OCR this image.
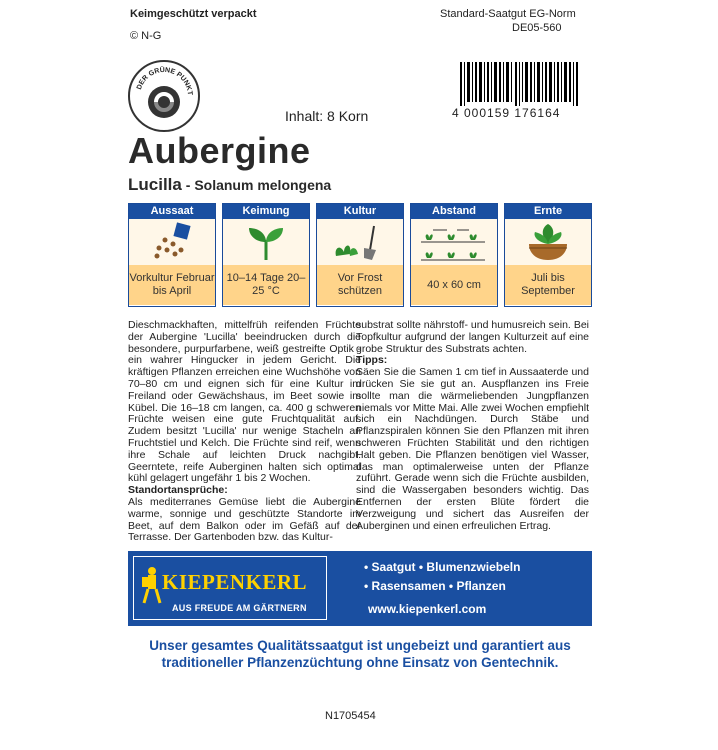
Keimgeschützt verpackt
© N-G
Standard-Saatgut EG-Norm
DE05-560
DER GRÜNE PUNKT
Inhalt: 8 Korn	4 000159 176164
Aubergine
Lucilla - Solanum melongena
Aussaat
Vorkultur Februar bis April
Keimung
10–14 Tage 20–25 °C
Kultur
Vor Frost schützen
Abstand
40 x 60 cm
Ernte
Juli bis September
Dieschmackhaften, mittelfrüh reifenden Früchte der Aubergine 'Lucilla' beeindrucken durch die besondere, purpurfarbene, weiß gestreifte Optik - ein wahrer Hingucker in jedem Gericht. Die kräftigen Pflanzen erreichen eine Wuchshöhe von 70–80 cm und eignen sich für eine Kultur im Freiland oder Gewächshaus, im Beet sowie im Kübel. Die 16–18 cm langen, ca. 400 g schweren Früchte weisen eine gute Fruchtqualität auf. Zudem besitzt 'Lucilla' nur wenige Stacheln an Fruchtstiel und Kelch. Die Früchte sind reif, wenn ihre Schale auf leichten Druck nachgibt. Geerntete, reife Auberginen halten sich optimal kühl gelagert ungefähr 1 bis 2 Wochen.
Standortansprüche:
Als mediterranes Gemüse liebt die Aubergine warme, sonnige und geschützte Standorte im Beet, auf dem Balkon oder im Gefäß auf der Terrasse. Der Gartenboden bzw. das Kultur-
substrat sollte nährstoff- und humusreich sein. Bei Topfkultur aufgrund der langen Kulturzeit auf eine grobe Struktur des Substrats achten.
Tipps:
Säen Sie die Samen 1 cm tief in Aussaaterde und drücken Sie sie gut an. Auspflanzen ins Freie sollte man die wärmeliebenden Jungpflanzen niemals vor Mitte Mai. Alle zwei Wochen empfiehlt sich ein Nachdüngen. Durch Stäbe und Pflanzspiralen können Sie den Pflanzen mit ihren schweren Früchten Stabilität und den richtigen Halt geben. Die Pflanzen benötigen viel Wasser, das man optimalerweise unten der Pflanze zuführt. Gerade wenn sich die Früchte ausbilden, sind die Wassergaben besonders wichtig. Das Entfernen der ersten Blüte fördert die Verzweigung und sichert das Ausreifen der Auberginen und einen erfreulichen Ertrag.
KIEPENKERL
AUS FREUDE AM GÄRTNERN
• Saatgut • Blumenzwiebeln
• Rasensamen • Pflanzen
www.kiepenkerl.com
Unser gesamtes Qualitätssaatgut ist ungebeizt und garantiert aus traditioneller Pflanzenzüchtung ohne Einsatz von Gentechnik.
N1705454
